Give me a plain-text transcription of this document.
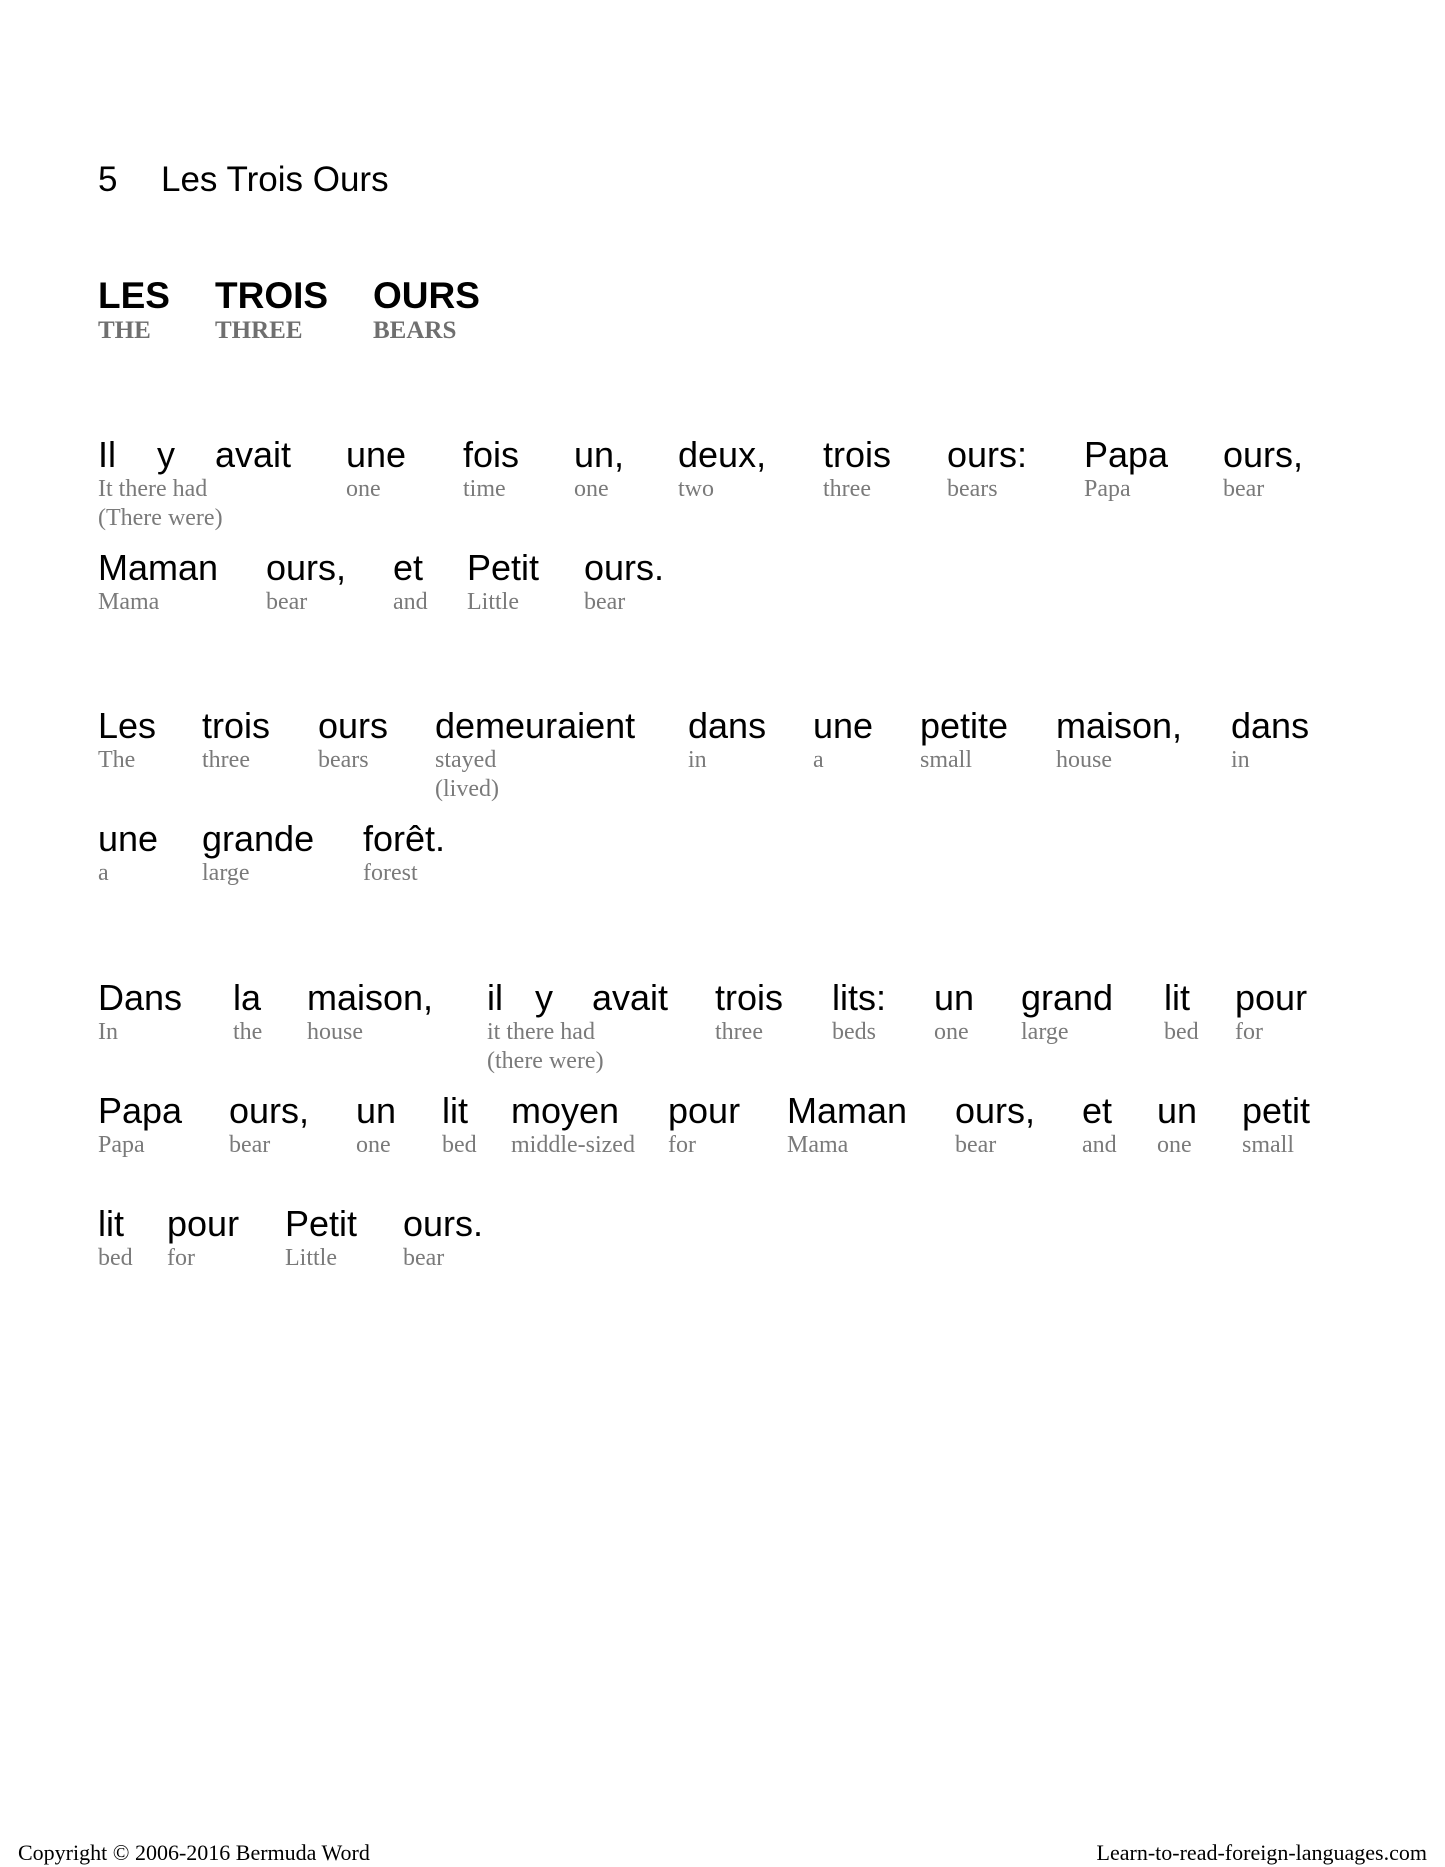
5 Les Trois Ours
LES
THE
TROIS
THREE
OURS
BEARS
Il
It there had
(There were)
y avait une
one
fois
time
un,
one
deux,
two
trois
three
ours:
bears
Papa
Papa
ours,
bear
Maman
Mama
ours,
bear
et
and
Petit
Little
ours.
bear
Les
The
trois
three
ours
bears
demeuraient
stayed
(lived)
dans
in
une
a
petite
small
maison,
house
dans
in
une
a
grande
large
forêt.
forest
Dans
In
la
the
maison,
house
il
it there had
(there were)
y avait trois
three
lits:
beds
un
one
grand
large
lit
bed
pour
for
Papa
Papa
ours,
bear
un
one
lit
bed
moyen
middle-sized
pour
for
Maman
Mama
ours,
bear
et
and
un
one
petit
small
lit
bed
pour
for
Petit
Little
ours.
bear
Copyright © 2006-2016 Bermuda Word	Learn-to-read-foreign-languages.com
